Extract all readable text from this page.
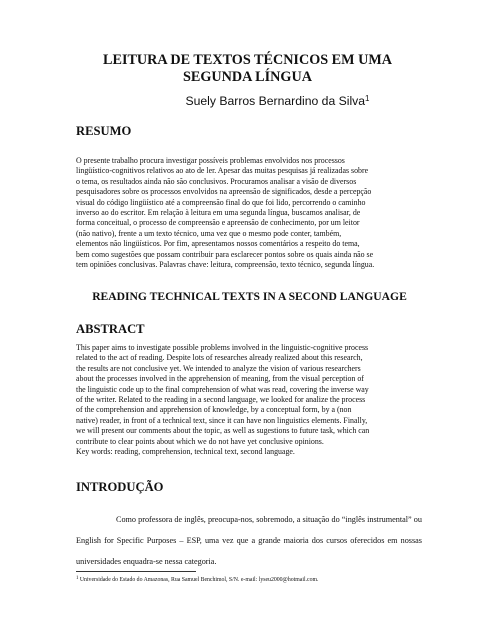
LEITURA DE TEXTOS TÉCNICOS EM UMA
SEGUNDA LÍNGUA
Suely Barros Bernardino da Silva$^1$
RESUMO

O presente trabalho procura investigar possíveis problemas envolvidos nos processos
lingüístico-cognitivos relativos ao ato de ler. Apesar das muitas pesquisas já realizadas sobre
o tema, os resultados ainda não são conclusivos. Procuramos analisar a visão de diversos
pesquisadores sobre os processos envolvidos na apreensão de significados, desde a percepção
visual do código lingüístico até a compreensão final do que foi lido, percorrendo o caminho
inverso ao do escritor. Em relação à leitura em uma segunda língua, buscamos analisar, de
forma conceitual, o processo de compreensão e apreensão de conhecimento, por um leitor
(não nativo), frente a um texto técnico, uma vez que o mesmo pode conter, também,
elementos não lingüísticos. Por fim, apresentamos nossos comentários a respeito do tema,
bem como sugestões que possam contribuir para esclarecer pontos sobre os quais ainda não se
tem opiniões conclusivas. Palavras chave: leitura, compreensão, texto técnico, segunda língua.

READING TECHNICAL TEXTS IN A SECOND LANGUAGE
ABSTRACT

This paper aims to investigate possible problems involved in the linguistic-cognitive process
related to the act of reading. Despite lots of researches already realized about this research,
the results are not conclusive yet. We intended to analyze the vision of various researchers
about the processes involved in the apprehension of meaning, from the visual perception of
the linguistic code up to the final comprehension of what was read, covering the inverse way
of the writer. Related to the reading in a second language, we looked for analize the process
of the comprehension and apprehension of knowledge, by a conceptual form, by a (non
native) reader, in front of a technical text, since it can have non linguistics elements. Finally,
we will present our comments about the topic, as well as sugestions to future task, which can
contribute to clear points about which we do not have yet conclusive opinions.
Key words: reading, comprehension, technical text, second language.

INTRODUÇÃO

Como professora de inglês, preocupa-nos, sobremodo, a situação do “inglês instrumental” ou English for Specific Purposes – ESP, uma vez que a grande maioria dos cursos oferecidos em nossas universidades enquadra-se nessa categoria.

$^1$ Universidade do Estado do Amazonas, Rua Samuel Benchimol, S/N. e-mail: lyseu2000@hotmail.com.
